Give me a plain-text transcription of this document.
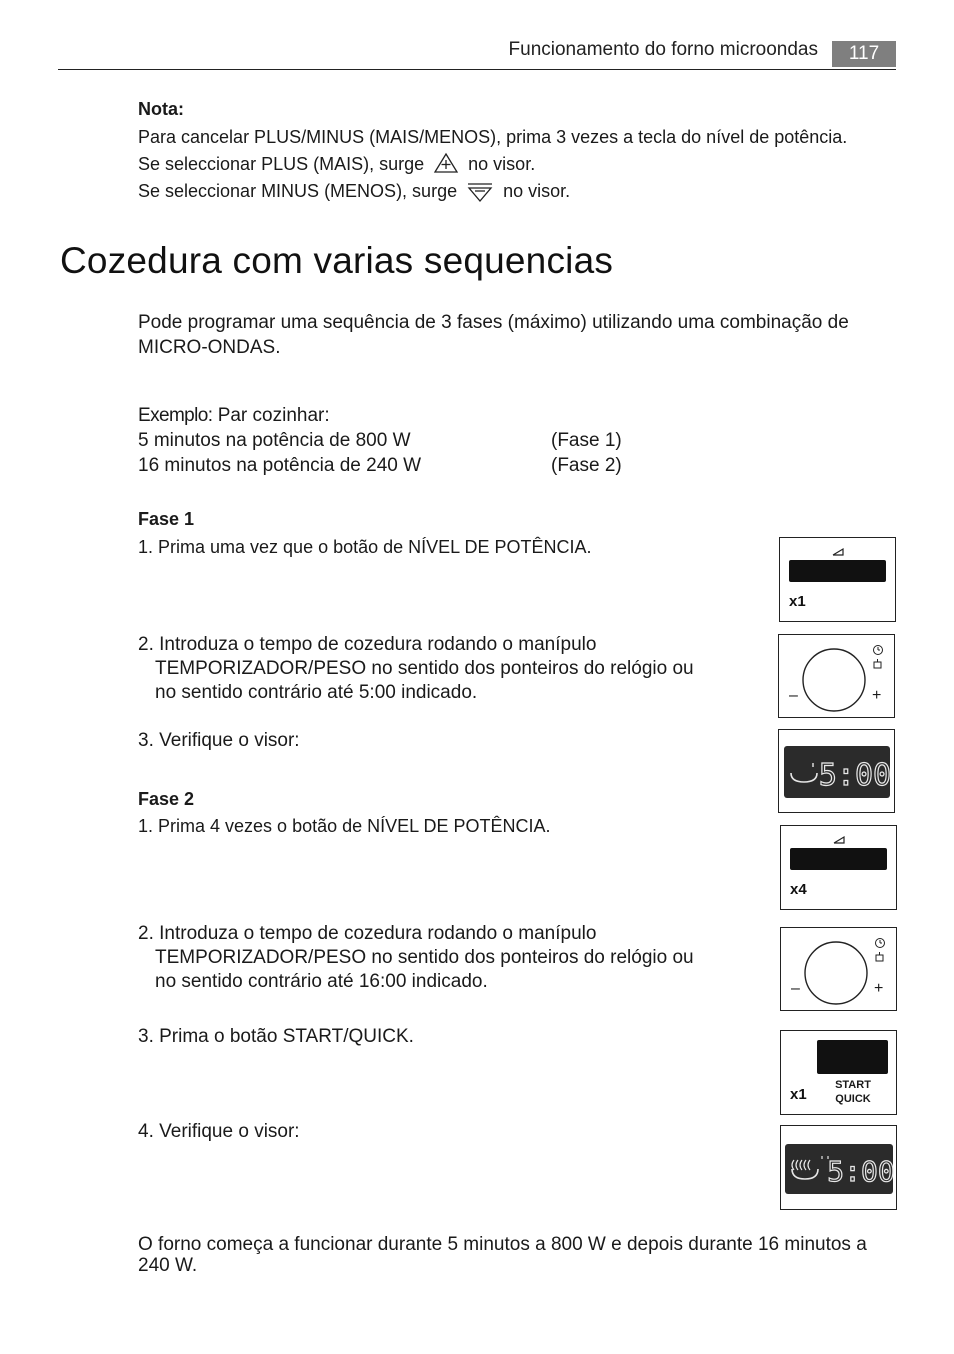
Funcionamento do forno microondas	117
Nota:
Para cancelar PLUS/MINUS (MAIS/MENOS), prima 3 vezes a tecla do nível de potência.
Se seleccionar PLUS (MAIS), surge no visor.
Se seleccionar MINUS (MENOS), surge	no visor.
Cozedura com varias sequencias
Pode programar uma sequência de 3 fases (máximo) utilizando uma combinação de MICRO-ONDAS.
Exemplo: Par cozinhar:
5 minutos na potência de 800 W	(Fase 1)
16 minutos na potência de 240 W	(Fase 2)
Fase 1
1. Prima uma vez que o botão de NÍVEL DE POTÊNCIA.
2. Introduza o tempo de cozedura rodando o manípulo
TEMPORIZADOR/PESO no sentido dos ponteiros do relógio ou
no sentido contrário até 5:00 indicado.
3. Verifique o visor:
Fase 2
1. Prima 4 vezes o botão de NÍVEL DE POTÊNCIA.
2. Introduza o tempo de cozedura rodando o manípulo
TEMPORIZADOR/PESO no sentido dos ponteiros do relógio ou
no sentido contrário até 16:00 indicado.
3. Prima o botão START/QUICK.
4. Verifique o visor:
O forno começa a funcionar durante 5 minutos a 800 W e depois durante 16 minutos a 240 W.
x1
–	+
5:00
x4
–	+
x1
START
QUICK
5:00
